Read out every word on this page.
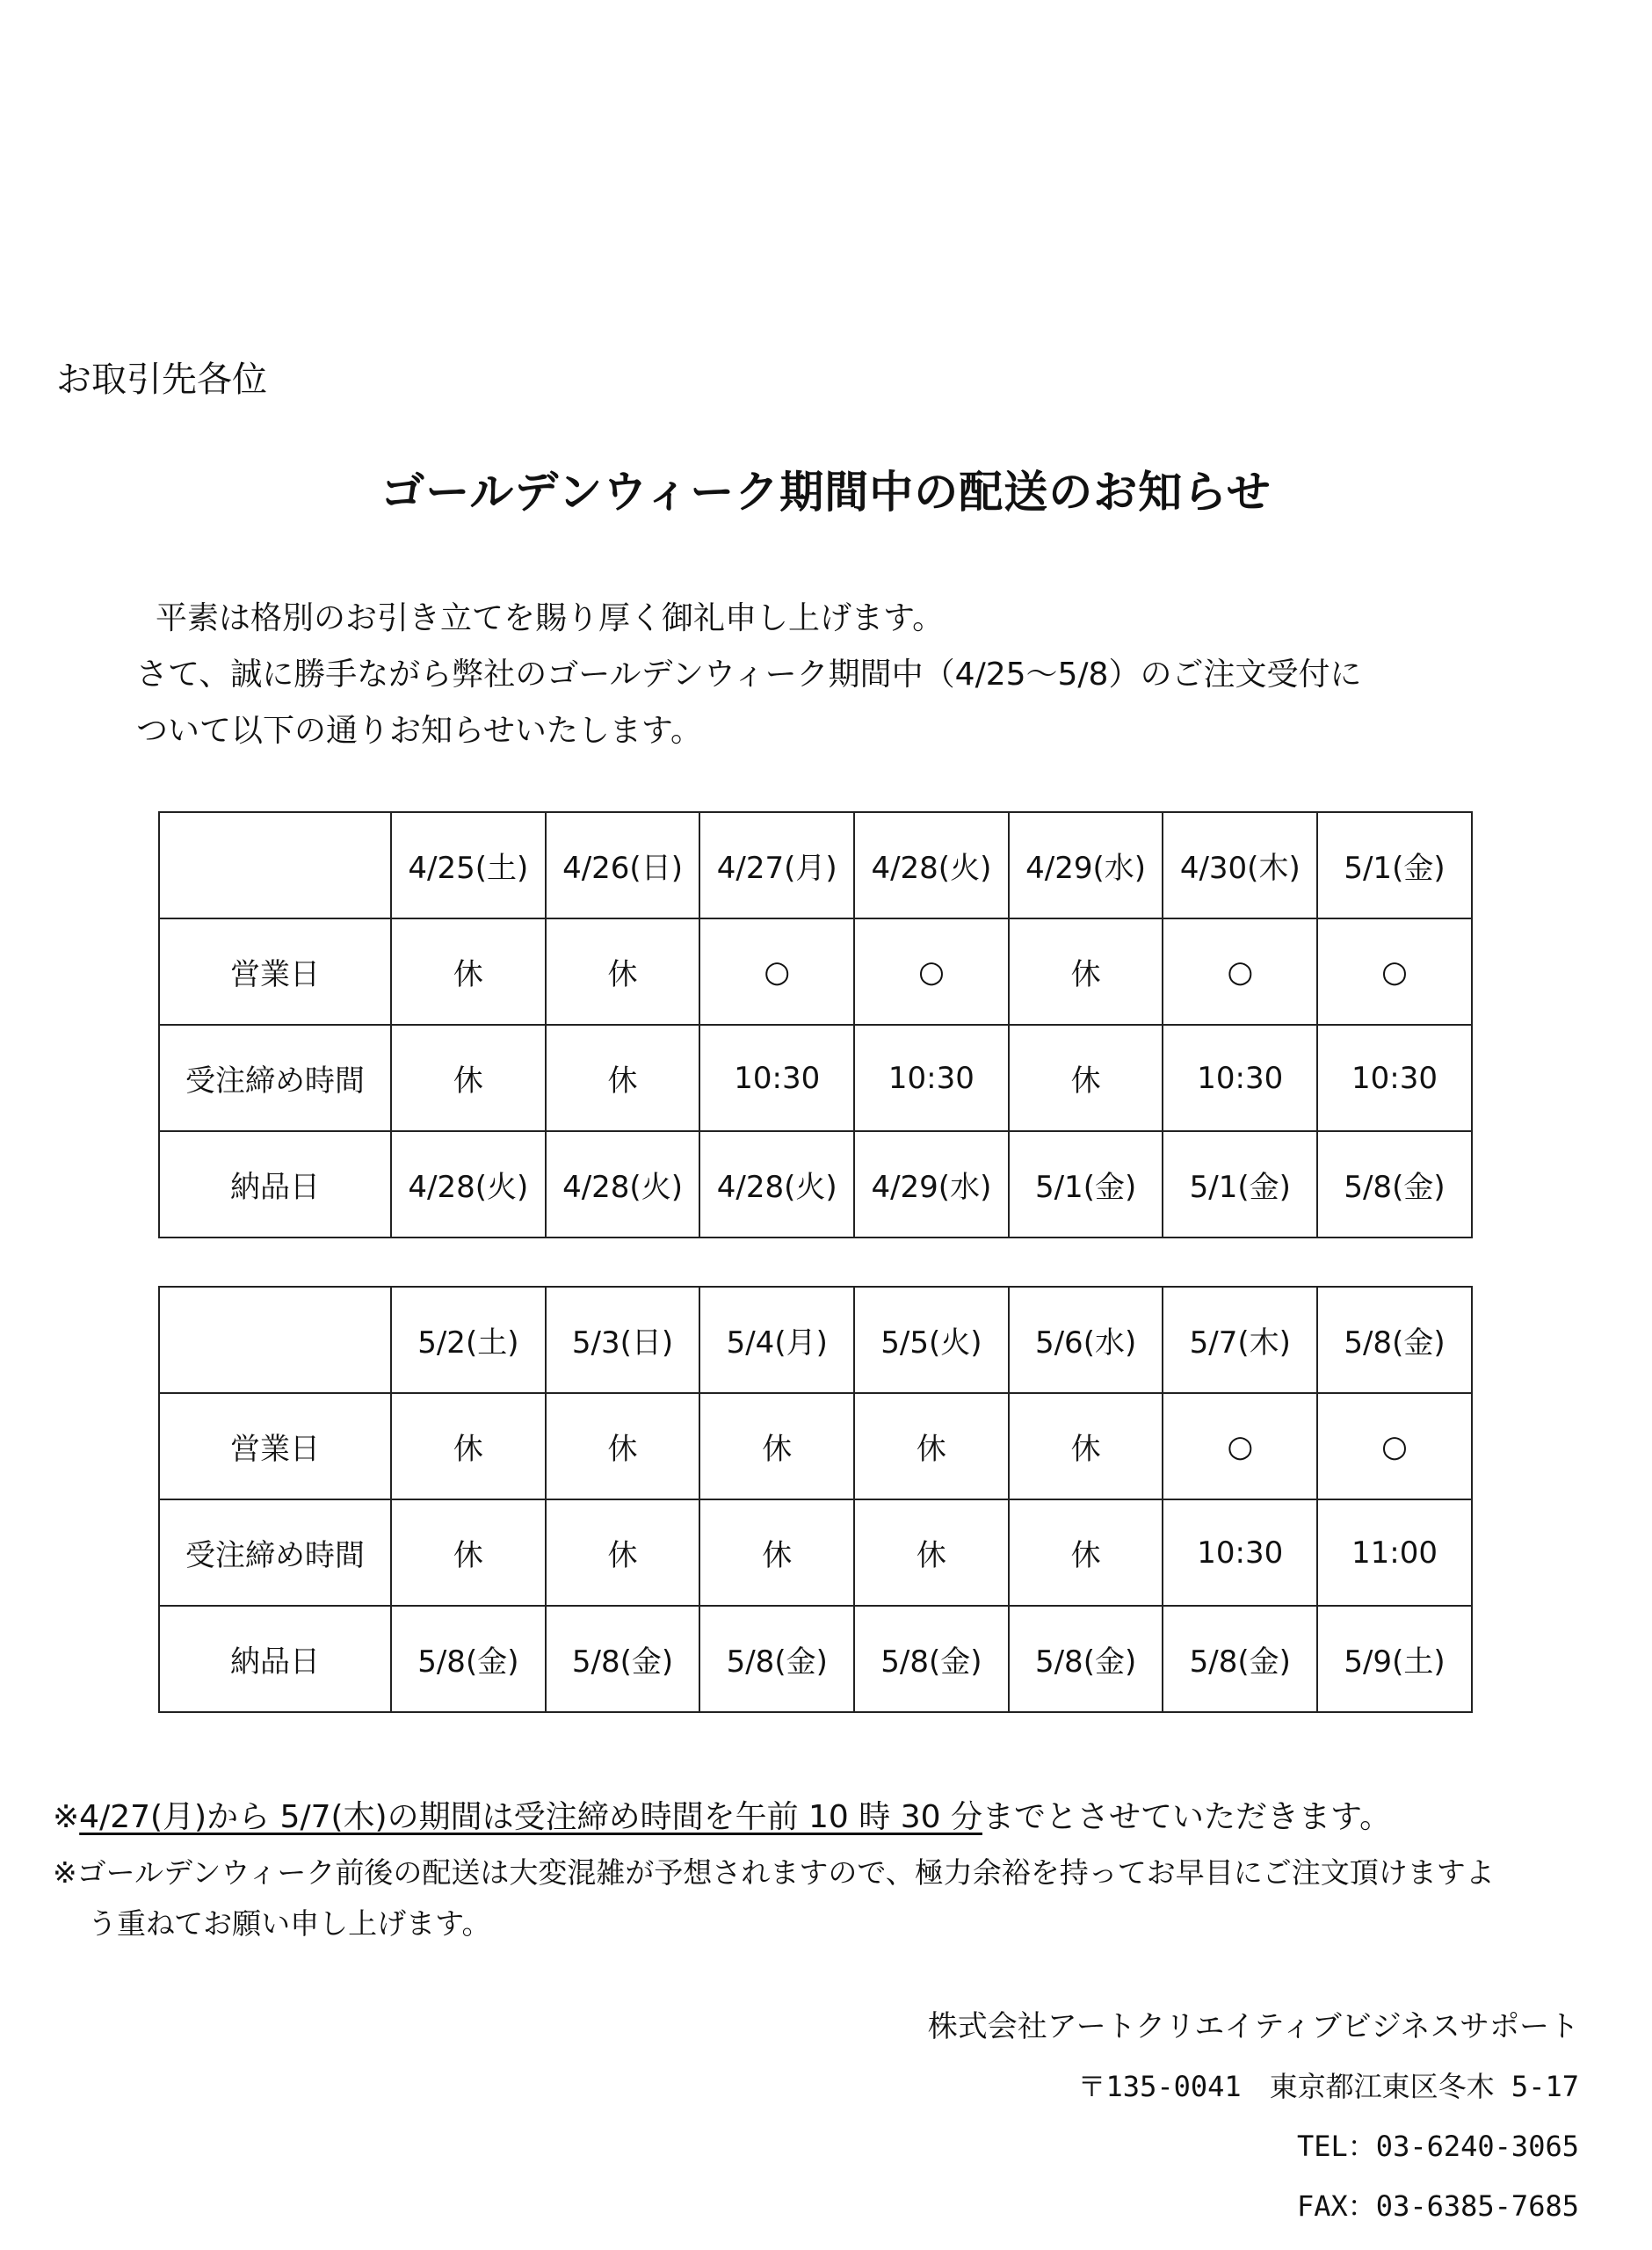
お取引先各位
ゴールデンウィーク期間中の配送のお知らせ
平素は格別のお引き立てを賜り厚く御礼申し上げます。
さて、誠に勝手ながら弊社のゴールデンウィーク期間中（4/25～5/8）のご注文受付に
ついて以下の通りお知らせいたします。
	4/25(土)	4/26(日)	4/27(月)	4/28(火)	4/29(水)	4/30(木)	5/1(金)
営業日	休	休	○	○	休	○	○
受注締め時間	休	休	10:30	10:30	休	10:30	10:30
納品日	4/28(火)	4/28(火)	4/28(火)	4/29(水)	5/1(金)	5/1(金)	5/8(金)
	5/2(土)	5/3(日)	5/4(月)	5/5(火)	5/6(水)	5/7(木)	5/8(金)
営業日	休	休	休	休	休	○	○
受注締め時間	休	休	休	休	休	10:30	11:00
納品日	5/8(金)	5/8(金)	5/8(金)	5/8(金)	5/8(金)	5/8(金)	5/9(土)
※4/27(月)から 5/7(木)の期間は受注締め時間を午前 10 時 30 分までとさせていただきます。
※ゴールデンウィーク前後の配送は大変混雑が予想されますので、極力余裕を持ってお早目にご注文頂けますよ
う重ねてお願い申し上げます。
株式会社アートクリエイティブビジネスサポート
〒135-0041　東京都江東区冬木 5-17
TEL：03-6240-3065
FAX：03-6385-7685
